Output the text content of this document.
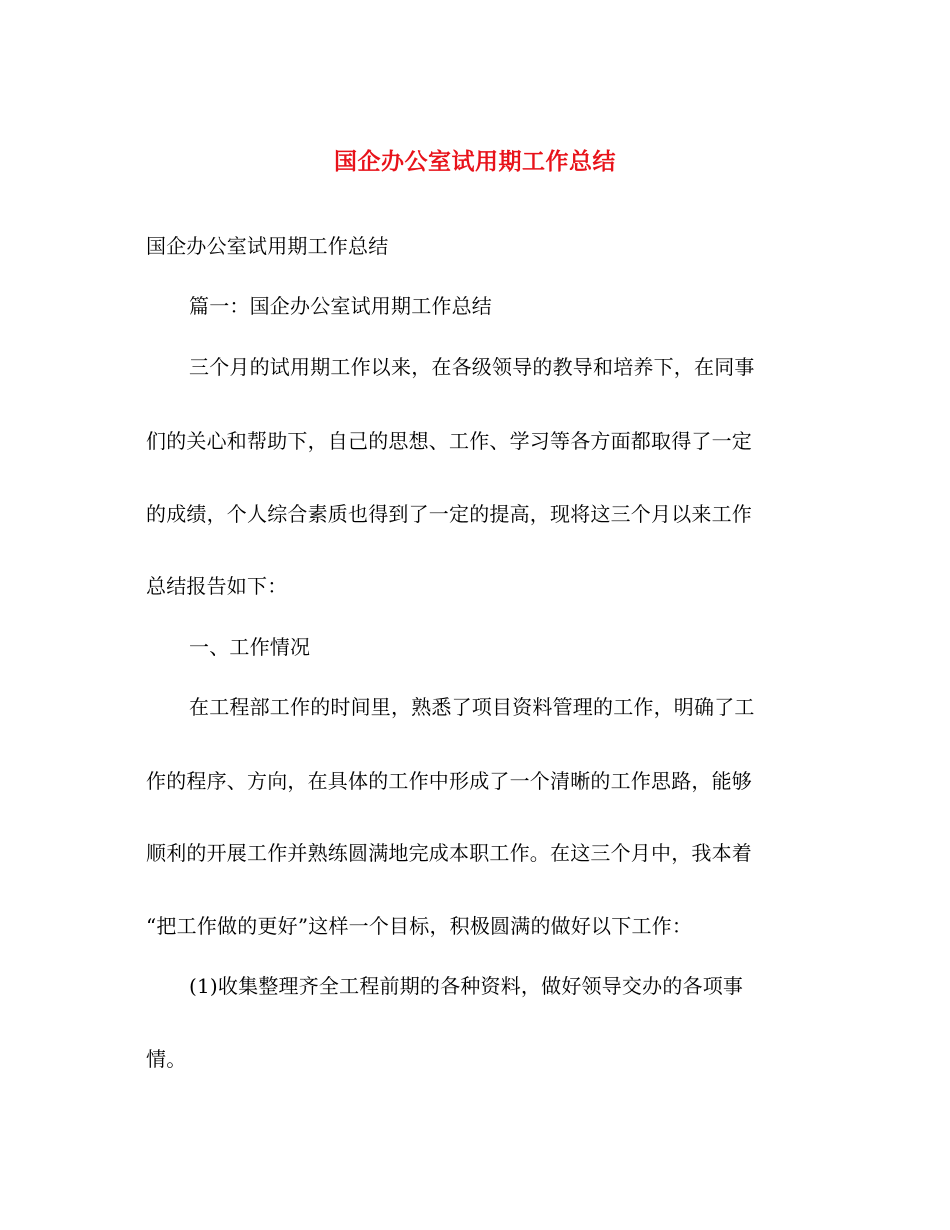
国企办公室试用期工作总结
国企办公室试用期工作总结
篇一：国企办公室试用期工作总结
三个月的试用期工作以来，在各级领导的教导和培养下，在同事
们的关心和帮助下，自己的思想、工作、学习等各方面都取得了一定
的成绩，个人综合素质也得到了一定的提高，现将这三个月以来工作
总结报告如下：
一、工作情况
在工程部工作的时间里，熟悉了项目资料管理的工作，明确了工
作的程序、方向，在具体的工作中形成了一个清晰的工作思路，能够
顺利的开展工作并熟练圆满地完成本职工作。在这三个月中，我本着
“把工作做的更好”这样一个目标，积极圆满的做好以下工作：
(1)收集整理齐全工程前期的各种资料，做好领导交办的各项事
情。
